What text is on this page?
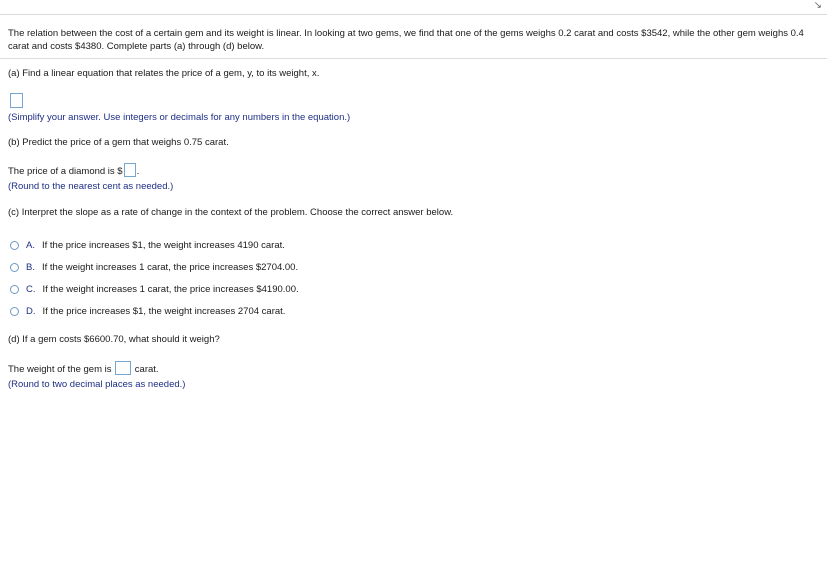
↘
The relation between the cost of a certain gem and its weight is linear. In looking at two gems, we find that one of the gems weighs 0.2 carat and costs $3542, while the other gem weighs 0.4 carat and costs $4380. Complete parts (a) through (d) below.
(a) Find a linear equation that relates the price of a gem, y, to its weight, x.
(Simplify your answer. Use integers or decimals for any numbers in the equation.)
(b) Predict the price of a gem that weighs 0.75 carat.
The price of a diamond is $ .
(Round to the nearest cent as needed.)
(c) Interpret the slope as a rate of change in the context of the problem. Choose the correct answer below.
A. If the price increases $1, the weight increases 4190 carat.
B. If the weight increases 1 carat, the price increases $2704.00.
C. If the weight increases 1 carat, the price increases $4190.00.
D. If the price increases $1, the weight increases 2704 carat.
(d) If a gem costs $6600.70, what should it weigh?
The weight of the gem is carat.
(Round to two decimal places as needed.)
